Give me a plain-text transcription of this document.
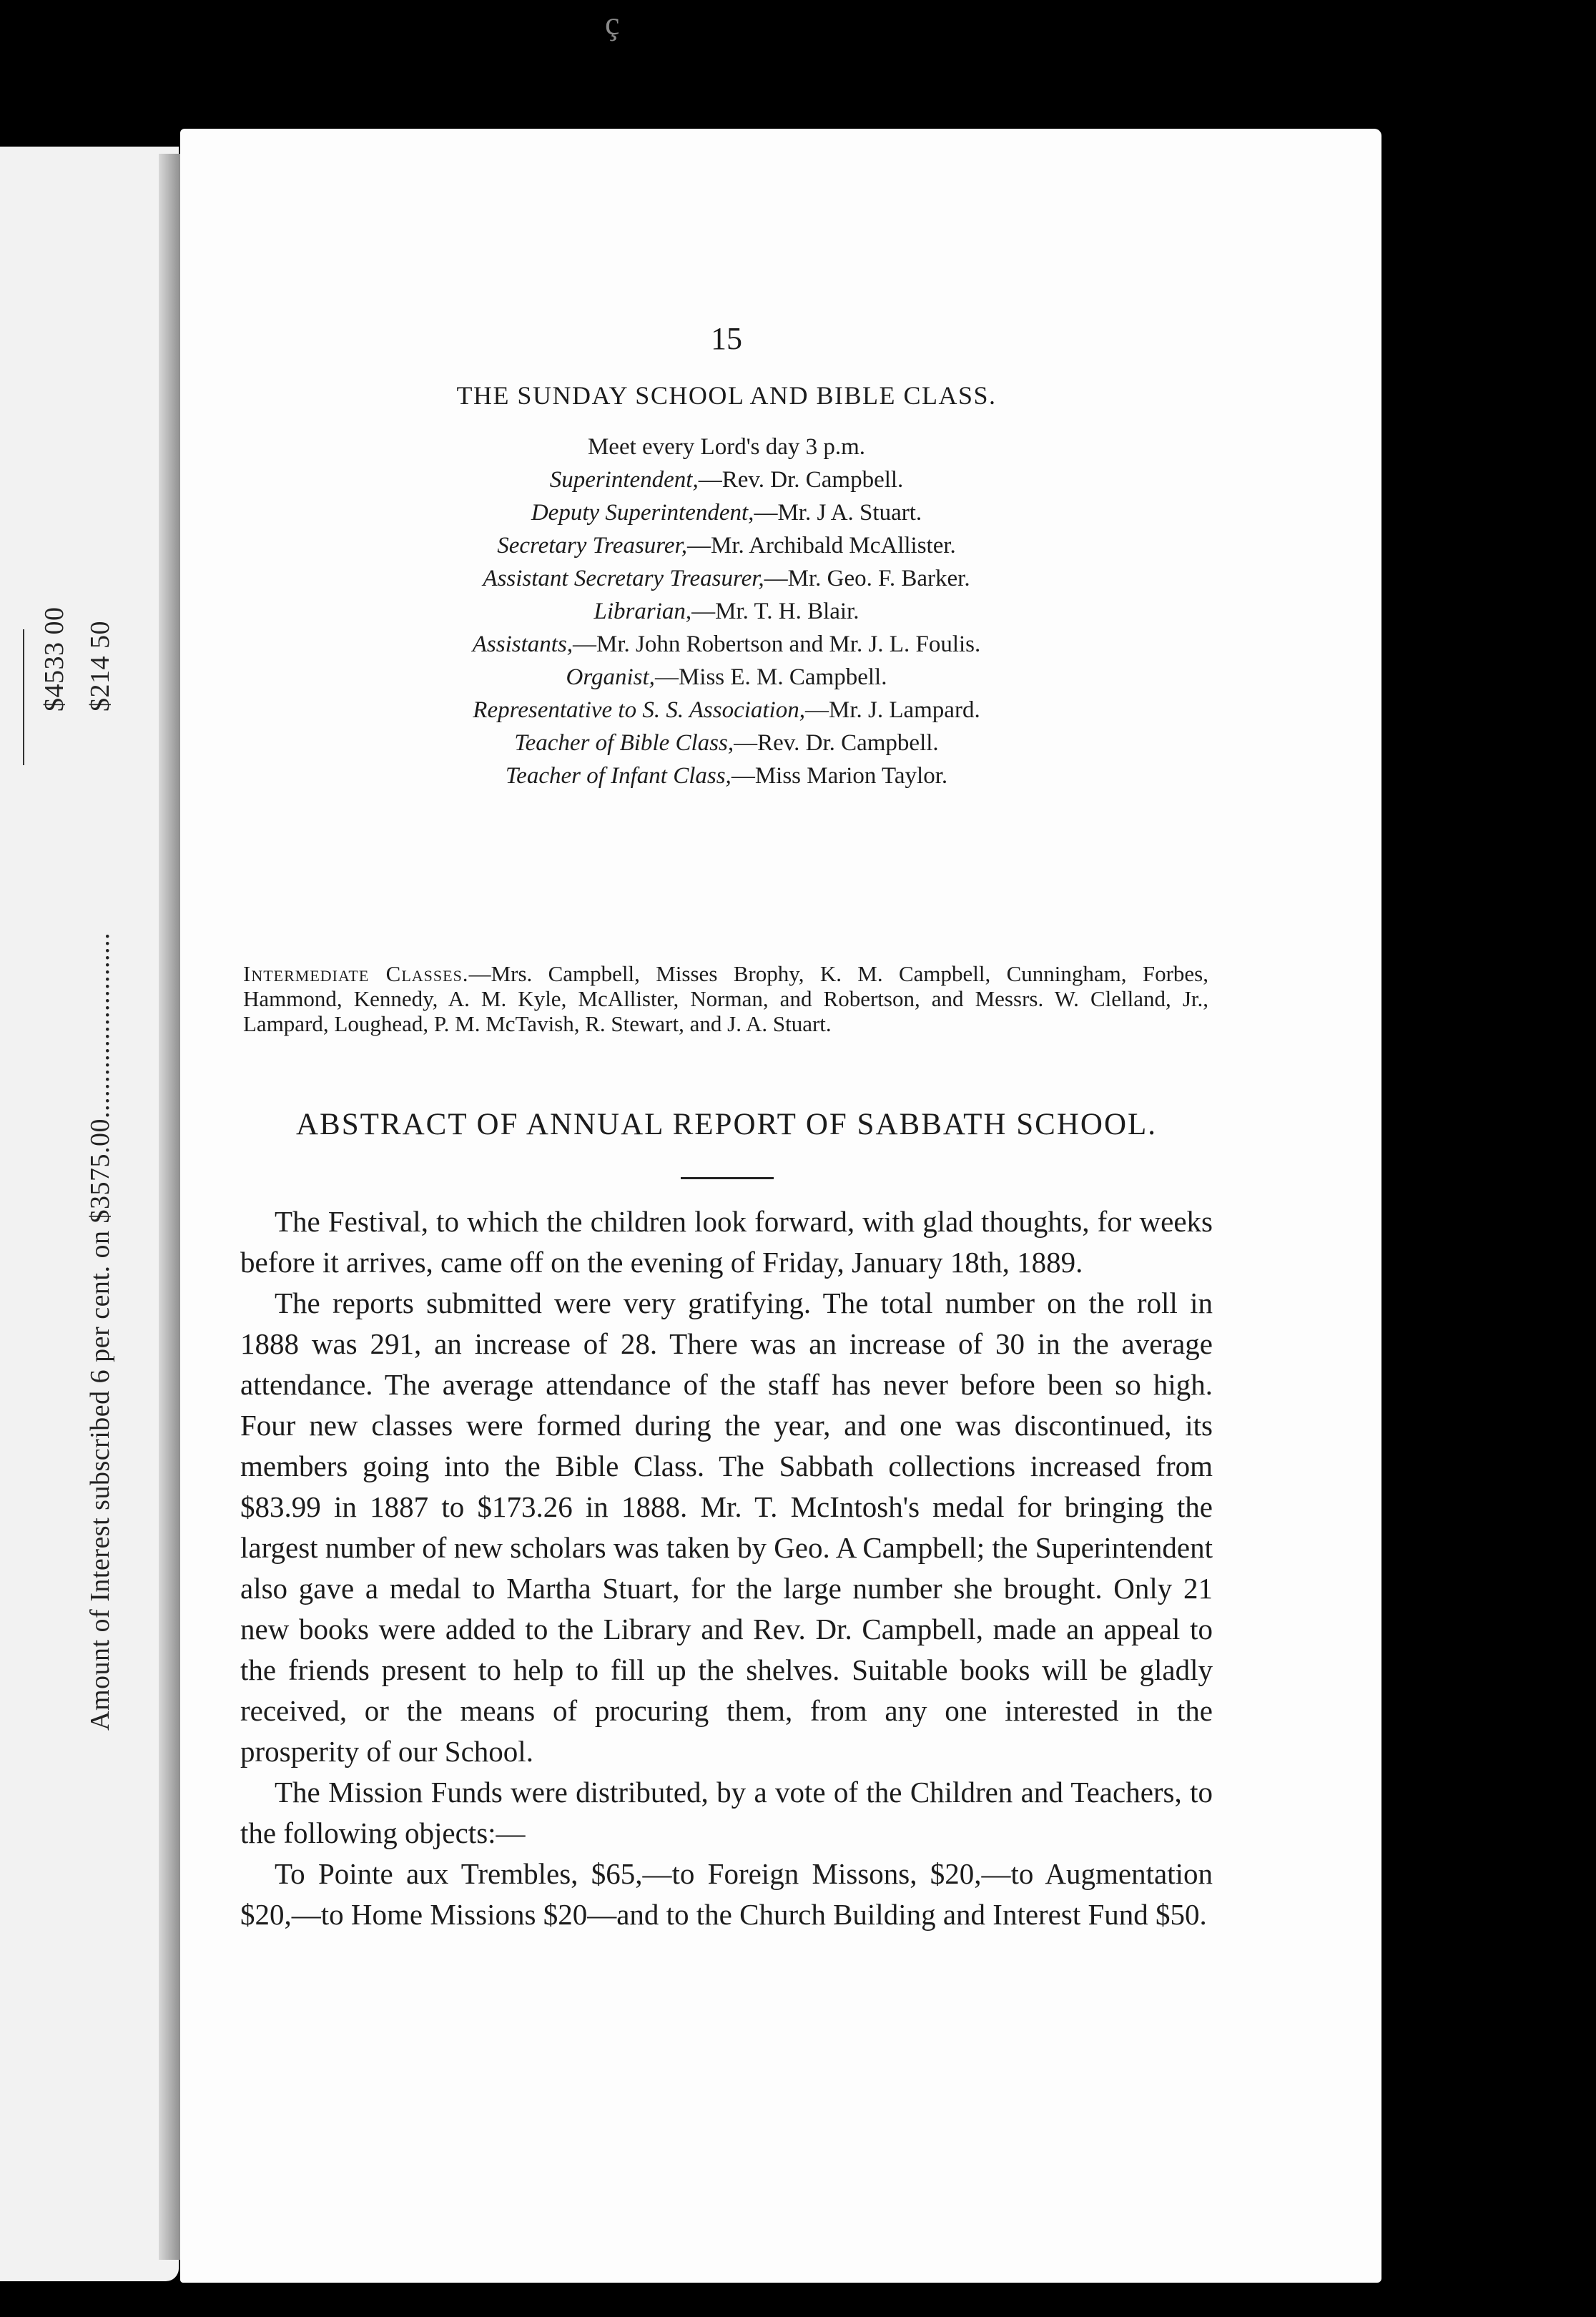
ç
Amount of Interest subscribed 6 per cent. on $3575.00..........................
$4533 00 $214 50
15
THE SUNDAY SCHOOL AND BIBLE CLASS.
Meet every Lord's day 3 p.m.
Superintendent,—Rev. Dr. Campbell.
Deputy Superintendent,—Mr. J A. Stuart.
Secretary Treasurer,—Mr. Archibald McAllister.
Assistant Secretary Treasurer,—Mr. Geo. F. Barker.
Librarian,—Mr. T. H. Blair.
Assistants,—Mr. John Robertson and Mr. J. L. Foulis.
Organist,—Miss E. M. Campbell.
Representative to S. S. Association,—Mr. J. Lampard.
Teacher of Bible Class,—Rev. Dr. Campbell.
Teacher of Infant Class,—Miss Marion Taylor.
Intermediate Classes.—Mrs. Campbell, Misses Brophy, K. M. Campbell, Cunningham, Forbes, Hammond, Kennedy, A. M. Kyle, McAllister, Norman, and Robertson, and Messrs. W. Clelland, Jr., Lampard, Loughead, P. M. McTavish, R. Stewart, and J. A. Stuart.
ABSTRACT OF ANNUAL REPORT OF SABBATH SCHOOL.

The Festival, to which the children look forward, with glad thoughts, for weeks before it arrives, came off on the evening of Friday, January 18th, 1889.

The reports submitted were very gratifying. The total number on the roll in 1888 was 291, an increase of 28. There was an increase of 30 in the average attendance. The average attendance of the staff has never before been so high. Four new classes were formed during the year, and one was discontinued, its members going into the Bible Class. The Sabbath collections increased from $83.99 in 1887 to $173.26 in 1888. Mr. T. McIntosh's medal for bringing the largest number of new scholars was taken by Geo. A Campbell; the Superintendent also gave a medal to Martha Stuart, for the large number she brought. Only 21 new books were added to the Library and Rev. Dr. Campbell, made an appeal to the friends present to help to fill up the shelves. Suitable books will be gladly received, or the means of procuring them, from any one interested in the prosperity of our School.

The Mission Funds were distributed, by a vote of the Children and Teachers, to the following objects:—

To Pointe aux Trembles, $65,—to Foreign Missons, $20,—to Augmentation $20,—to Home Missions $20—and to the Church Building and Interest Fund $50.
